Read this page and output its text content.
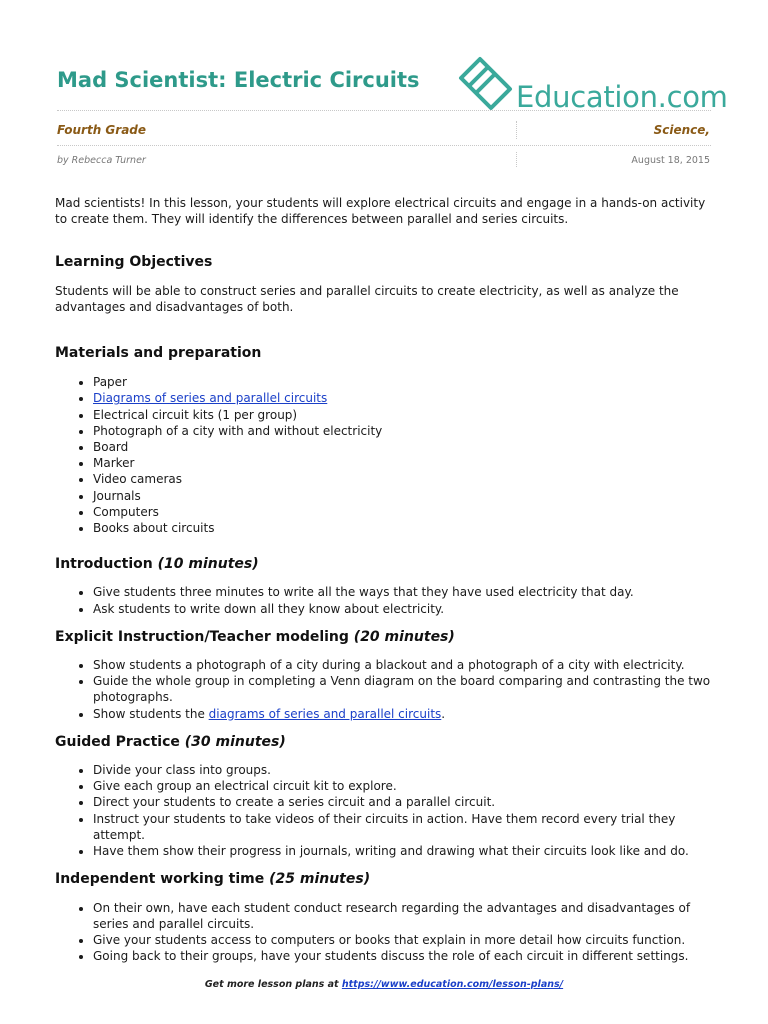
Mad Scientist: Electric Circuits	Education.com
Fourth Grade	Science,
by Rebecca Turner	August 18, 2015

Mad scientists! In this lesson, your students will explore electrical circuits and engage in a hands-on activity to create them. They will identify the differences between parallel and series circuits.

Learning Objectives

Students will be able to construct series and parallel circuits to create electricity, as well as analyze the advantages and disadvantages of both.

Materials and preparation
• Paper
• Diagrams of series and parallel circuits
• Electrical circuit kits (1 per group)
• Photograph of a city with and without electricity
• Board
• Marker
• Video cameras
• Journals
• Computers
• Books about circuits
Introduction (10 minutes)
• Give students three minutes to write all the ways that they have used electricity that day.
• Ask students to write down all they know about electricity.
Explicit Instruction/Teacher modeling (20 minutes)
• Show students a photograph of a city during a blackout and a photograph of a city with electricity.
• Guide the whole group in completing a Venn diagram on the board comparing and contrasting the two photographs.
• Show students the diagrams of series and parallel circuits.
Guided Practice (30 minutes)
• Divide your class into groups.
• Give each group an electrical circuit kit to explore.
• Direct your students to create a series circuit and a parallel circuit.
• Instruct your students to take videos of their circuits in action. Have them record every trial they attempt.
• Have them show their progress in journals, writing and drawing what their circuits look like and do.
Independent working time (25 minutes)
• On their own, have each student conduct research regarding the advantages and disadvantages of series and parallel circuits.
• Give your students access to computers or books that explain in more detail how circuits function.
• Going back to their groups, have your students discuss the role of each circuit in different settings.
Get more lesson plans at https://www.education.com/lesson-plans/
